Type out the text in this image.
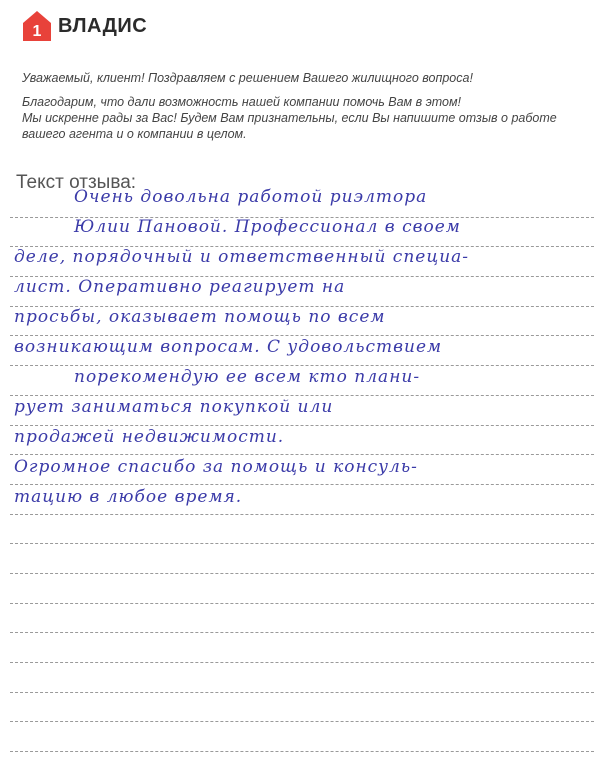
1 ВЛАДИС

Уважаемый, клиент! Поздравляем с решением Вашего жилищного вопроса!

Благодарим, что дали возможность нашей компании помочь Вам в этом!
Мы искренне рады за Вас! Будем Вам признательны, если Вы напишите отзыв о работе вашего агента и о компании в целом.

Текст отзыва:
Очень довольна работой риэлтора
Юлии Пановой. Профессионал в своем
деле, порядочный и ответственный специа-
лист. Оперативно реагирует на
просьбы, оказывает помощь по всем
возникающим вопросам. С удовольствием
порекомендую ее всем кто плани-
рует заниматься покупкой или
продажей недвижимости.
Огромное спасибо за помощь и консуль-
тацию в любое время.
